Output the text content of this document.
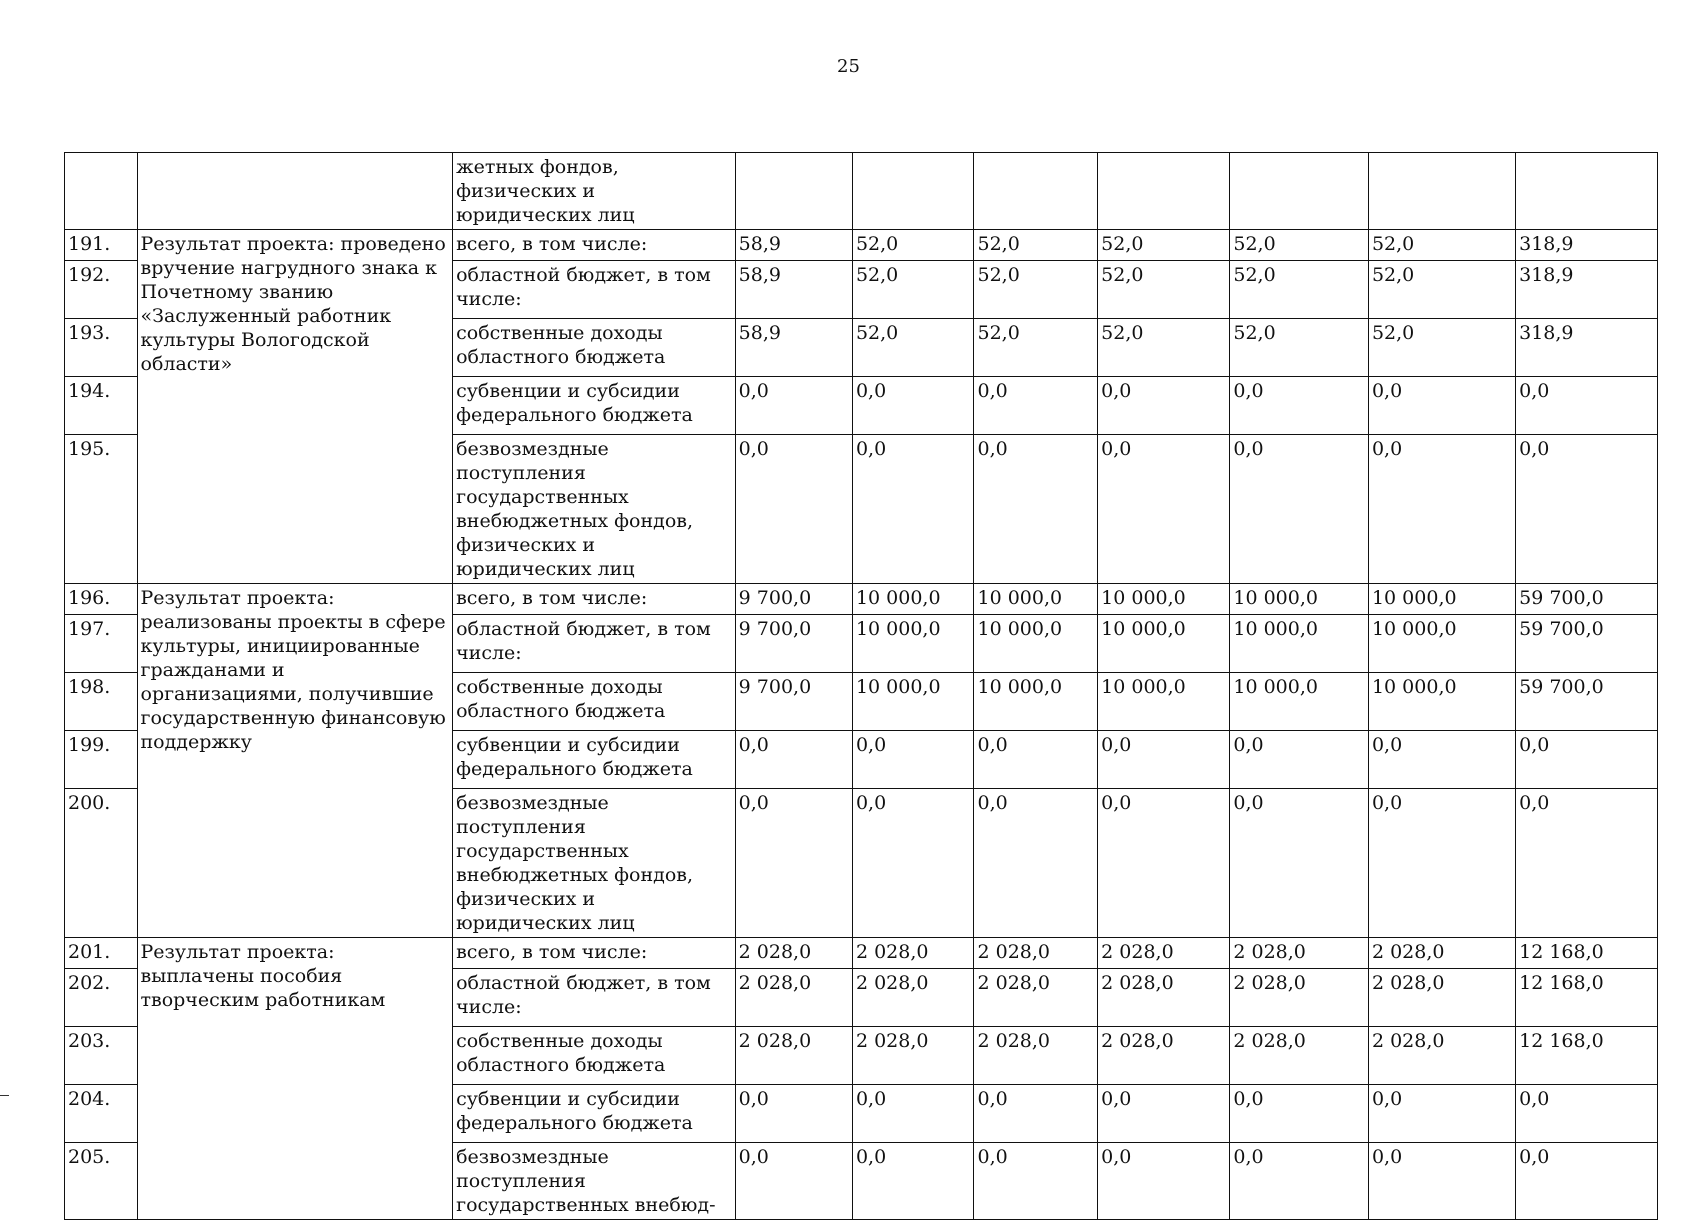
25
		жетных фондов, физических и юридических лиц							
191.	Результат проекта: проведено вручение нагрудного знака к Почетному званию «Заслуженный работник культуры Вологодской области»	всего, в том числе:	58,9	52,0	52,0	52,0	52,0	52,0	318,9
192.		областной бюджет, в том числе:	58,9	52,0	52,0	52,0	52,0	52,0	318,9
193.		собственные доходы областного бюджета	58,9	52,0	52,0	52,0	52,0	52,0	318,9
194.		субвенции и субсидии федерального бюджета	0,0	0,0	0,0	0,0	0,0	0,0	0,0
195.		безвозмездные поступления государственных внебюджетных фондов, физических и юридических лиц	0,0	0,0	0,0	0,0	0,0	0,0	0,0
196.	Результат проекта: реализованы проекты в сфере культуры, инициированные гражданами и организациями, получившие государственную финансовую поддержку	всего, в том числе:	9 700,0	10 000,0	10 000,0	10 000,0	10 000,0	10 000,0	59 700,0
197.		областной бюджет, в том числе:	9 700,0	10 000,0	10 000,0	10 000,0	10 000,0	10 000,0	59 700,0
198.		собственные доходы областного бюджета	9 700,0	10 000,0	10 000,0	10 000,0	10 000,0	10 000,0	59 700,0
199.		субвенции и субсидии федерального бюджета	0,0	0,0	0,0	0,0	0,0	0,0	0,0
200.		безвозмездные поступления государственных внебюджетных фондов, физических и юридических лиц	0,0	0,0	0,0	0,0	0,0	0,0	0,0
201.	Результат проекта: выплачены пособия творческим работникам	всего, в том числе:	2 028,0	2 028,0	2 028,0	2 028,0	2 028,0	2 028,0	12 168,0
202.		областной бюджет, в том числе:	2 028,0	2 028,0	2 028,0	2 028,0	2 028,0	2 028,0	12 168,0
203.		собственные доходы областного бюджета	2 028,0	2 028,0	2 028,0	2 028,0	2 028,0	2 028,0	12 168,0
204.		субвенции и субсидии федерального бюджета	0,0	0,0	0,0	0,0	0,0	0,0	0,0
205.		безвозмездные поступления государственных внебюд-	0,0	0,0	0,0	0,0	0,0	0,0	0,0
